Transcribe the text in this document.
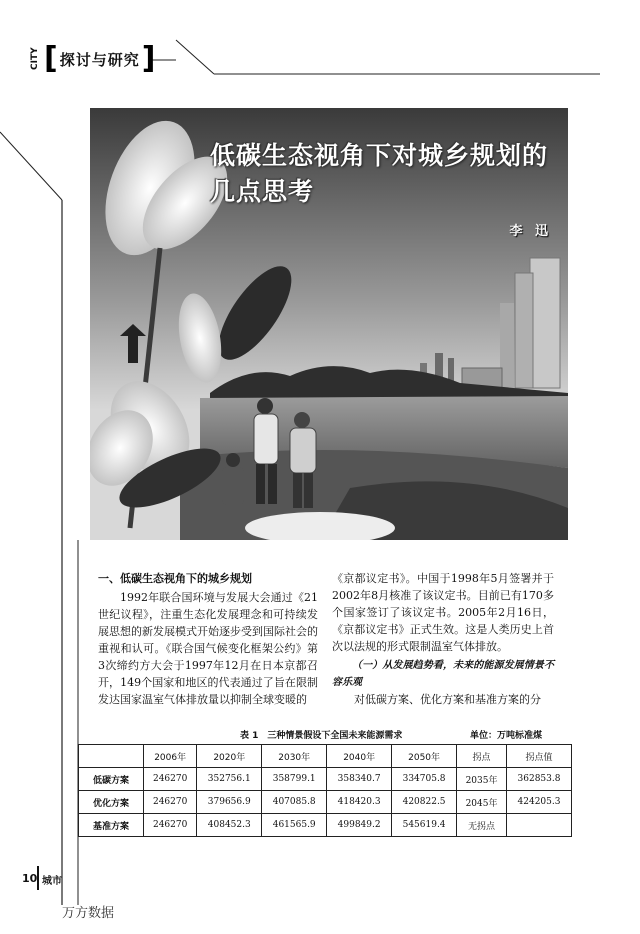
CITY [ 探讨与研究 ]
低碳生态视角下对城乡规划的
几点思考
李 迅
一、低碳生态视角下的城乡规划

1992年联合国环境与发展大会通过《21世纪议程》，注重生态化发展理念和可持续发展思想的新发展模式开始逐步受到国际社会的重视和认可。《联合国气候变化框架公约》第3次缔约方大会于1997年12月在日本京都召开，149个国家和地区的代表通过了旨在限制发达国家温室气体排放量以抑制全球变暖的

《京都议定书》。中国于1998年5月签署并于2002年8月核准了该议定书。目前已有170多个国家签订了该议定书。2005年2月16日，《京都议定书》正式生效。这是人类历史上首次以法规的形式限制温室气体排放。

（一）从发展趋势看，未来的能源发展情景不容乐观

对低碳方案、优化方案和基准方案的分

表 1　三种情景假设下全国未来能源需求	单位：万吨标准煤
	2006年	2020年	2030年	2040年	2050年	拐点	拐点值
低碳方案	246270	352756.1	358799.1	358340.7	334705.8	2035年	362853.8
优化方案	246270	379656.9	407085.8	418420.3	420822.5	2045年	424205.3
基准方案	246270	408452.3	461565.9	499849.2	545619.4	无拐点	
10 城市
万方数据
